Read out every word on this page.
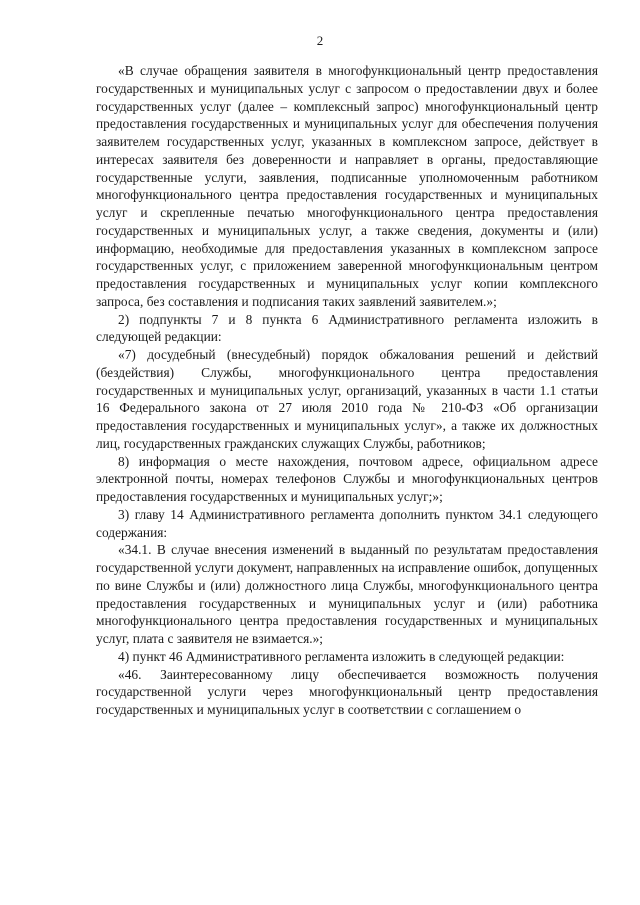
2

«В случае обращения заявителя в многофункциональный центр предоставления государственных и муниципальных услуг с запросом о предоставлении двух и более государственных услуг (далее – комплексный запрос) многофункциональный центр предоставления государственных и муниципальных услуг для обеспечения получения заявителем государственных услуг, указанных в комплексном запросе, действует в интересах заявителя без доверенности и направляет в органы, предоставляющие государственные услуги, заявления, подписанные уполномоченным работником многофункционального центра предоставления государственных и муниципальных услуг и скрепленные печатью многофункционального центра предоставления государственных и муниципальных услуг, а также сведения, документы и (или) информацию, необходимые для предоставления указанных в комплексном запросе государственных услуг, с приложением заверенной многофункциональным центром предоставления государственных и муниципальных услуг копии комплексного запроса, без составления и подписания таких заявлений заявителем.»;

2) подпункты 7 и 8 пункта 6 Административного регламента изложить в следующей редакции:

«7) досудебный (внесудебный) порядок обжалования решений и действий (бездействия) Службы, многофункционального центра предоставления государственных и муниципальных услуг, организаций, указанных в части 1.1 статьи 16 Федерального закона от 27 июля 2010 года № 210-ФЗ «Об организации предоставления государственных и муниципальных услуг», а также их должностных лиц, государственных гражданских служащих Службы, работников;

8) информация о месте нахождения, почтовом адресе, официальном адресе электронной почты, номерах телефонов Службы и многофункциональных центров предоставления государственных и муниципальных услуг;»;

3) главу 14 Административного регламента дополнить пунктом 34.1 следующего содержания:

«34.1. В случае внесения изменений в выданный по результатам предоставления государственной услуги документ, направленных на исправление ошибок, допущенных по вине Службы и (или) должностного лица Службы, многофункционального центра предоставления государственных и муниципальных услуг и (или) работника многофункционального центра предоставления государственных и муниципальных услуг, плата с заявителя не взимается.»;

4) пункт 46 Административного регламента изложить в следующей редакции:

«46. Заинтересованному лицу обеспечивается возможность получения государственной услуги через многофункциональный центр предоставления государственных и муниципальных услуг в соответствии с соглашением о
